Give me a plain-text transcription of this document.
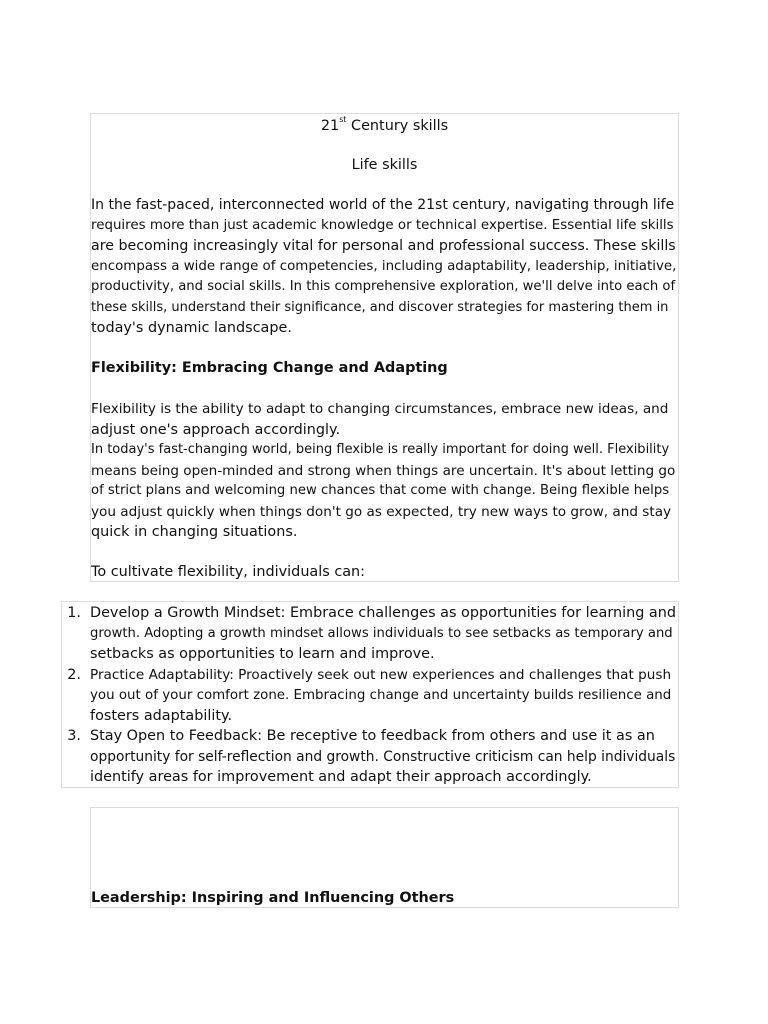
21st Century skills
Life skills
In the fast-paced, interconnected world of the 21st century, navigating through life
requires more than just academic knowledge or technical expertise. Essential life skills
are becoming increasingly vital for personal and professional success. These skills
encompass a wide range of competencies, including adaptability, leadership, initiative,
productivity, and social skills. In this comprehensive exploration, we'll delve into each of
these skills, understand their significance, and discover strategies for mastering them in
today's dynamic landscape.
Flexibility: Embracing Change and Adapting
Flexibility is the ability to adapt to changing circumstances, embrace new ideas, and
adjust one's approach accordingly.
In today's fast-changing world, being flexible is really important for doing well. Flexibility
means being open-minded and strong when things are uncertain. It's about letting go
of strict plans and welcoming new chances that come with change. Being flexible helps
you adjust quickly when things don't go as expected, try new ways to grow, and stay
quick in changing situations.
To cultivate flexibility, individuals can:
1. Develop a Growth Mindset: Embrace challenges as opportunities for learning and
growth. Adopting a growth mindset allows individuals to see setbacks as temporary and
setbacks as opportunities to learn and improve.
2. Practice Adaptability: Proactively seek out new experiences and challenges that push
you out of your comfort zone. Embracing change and uncertainty builds resilience and
fosters adaptability.
3. Stay Open to Feedback: Be receptive to feedback from others and use it as an
opportunity for self-reflection and growth. Constructive criticism can help individuals
identify areas for improvement and adapt their approach accordingly.
Leadership: Inspiring and Influencing Others
